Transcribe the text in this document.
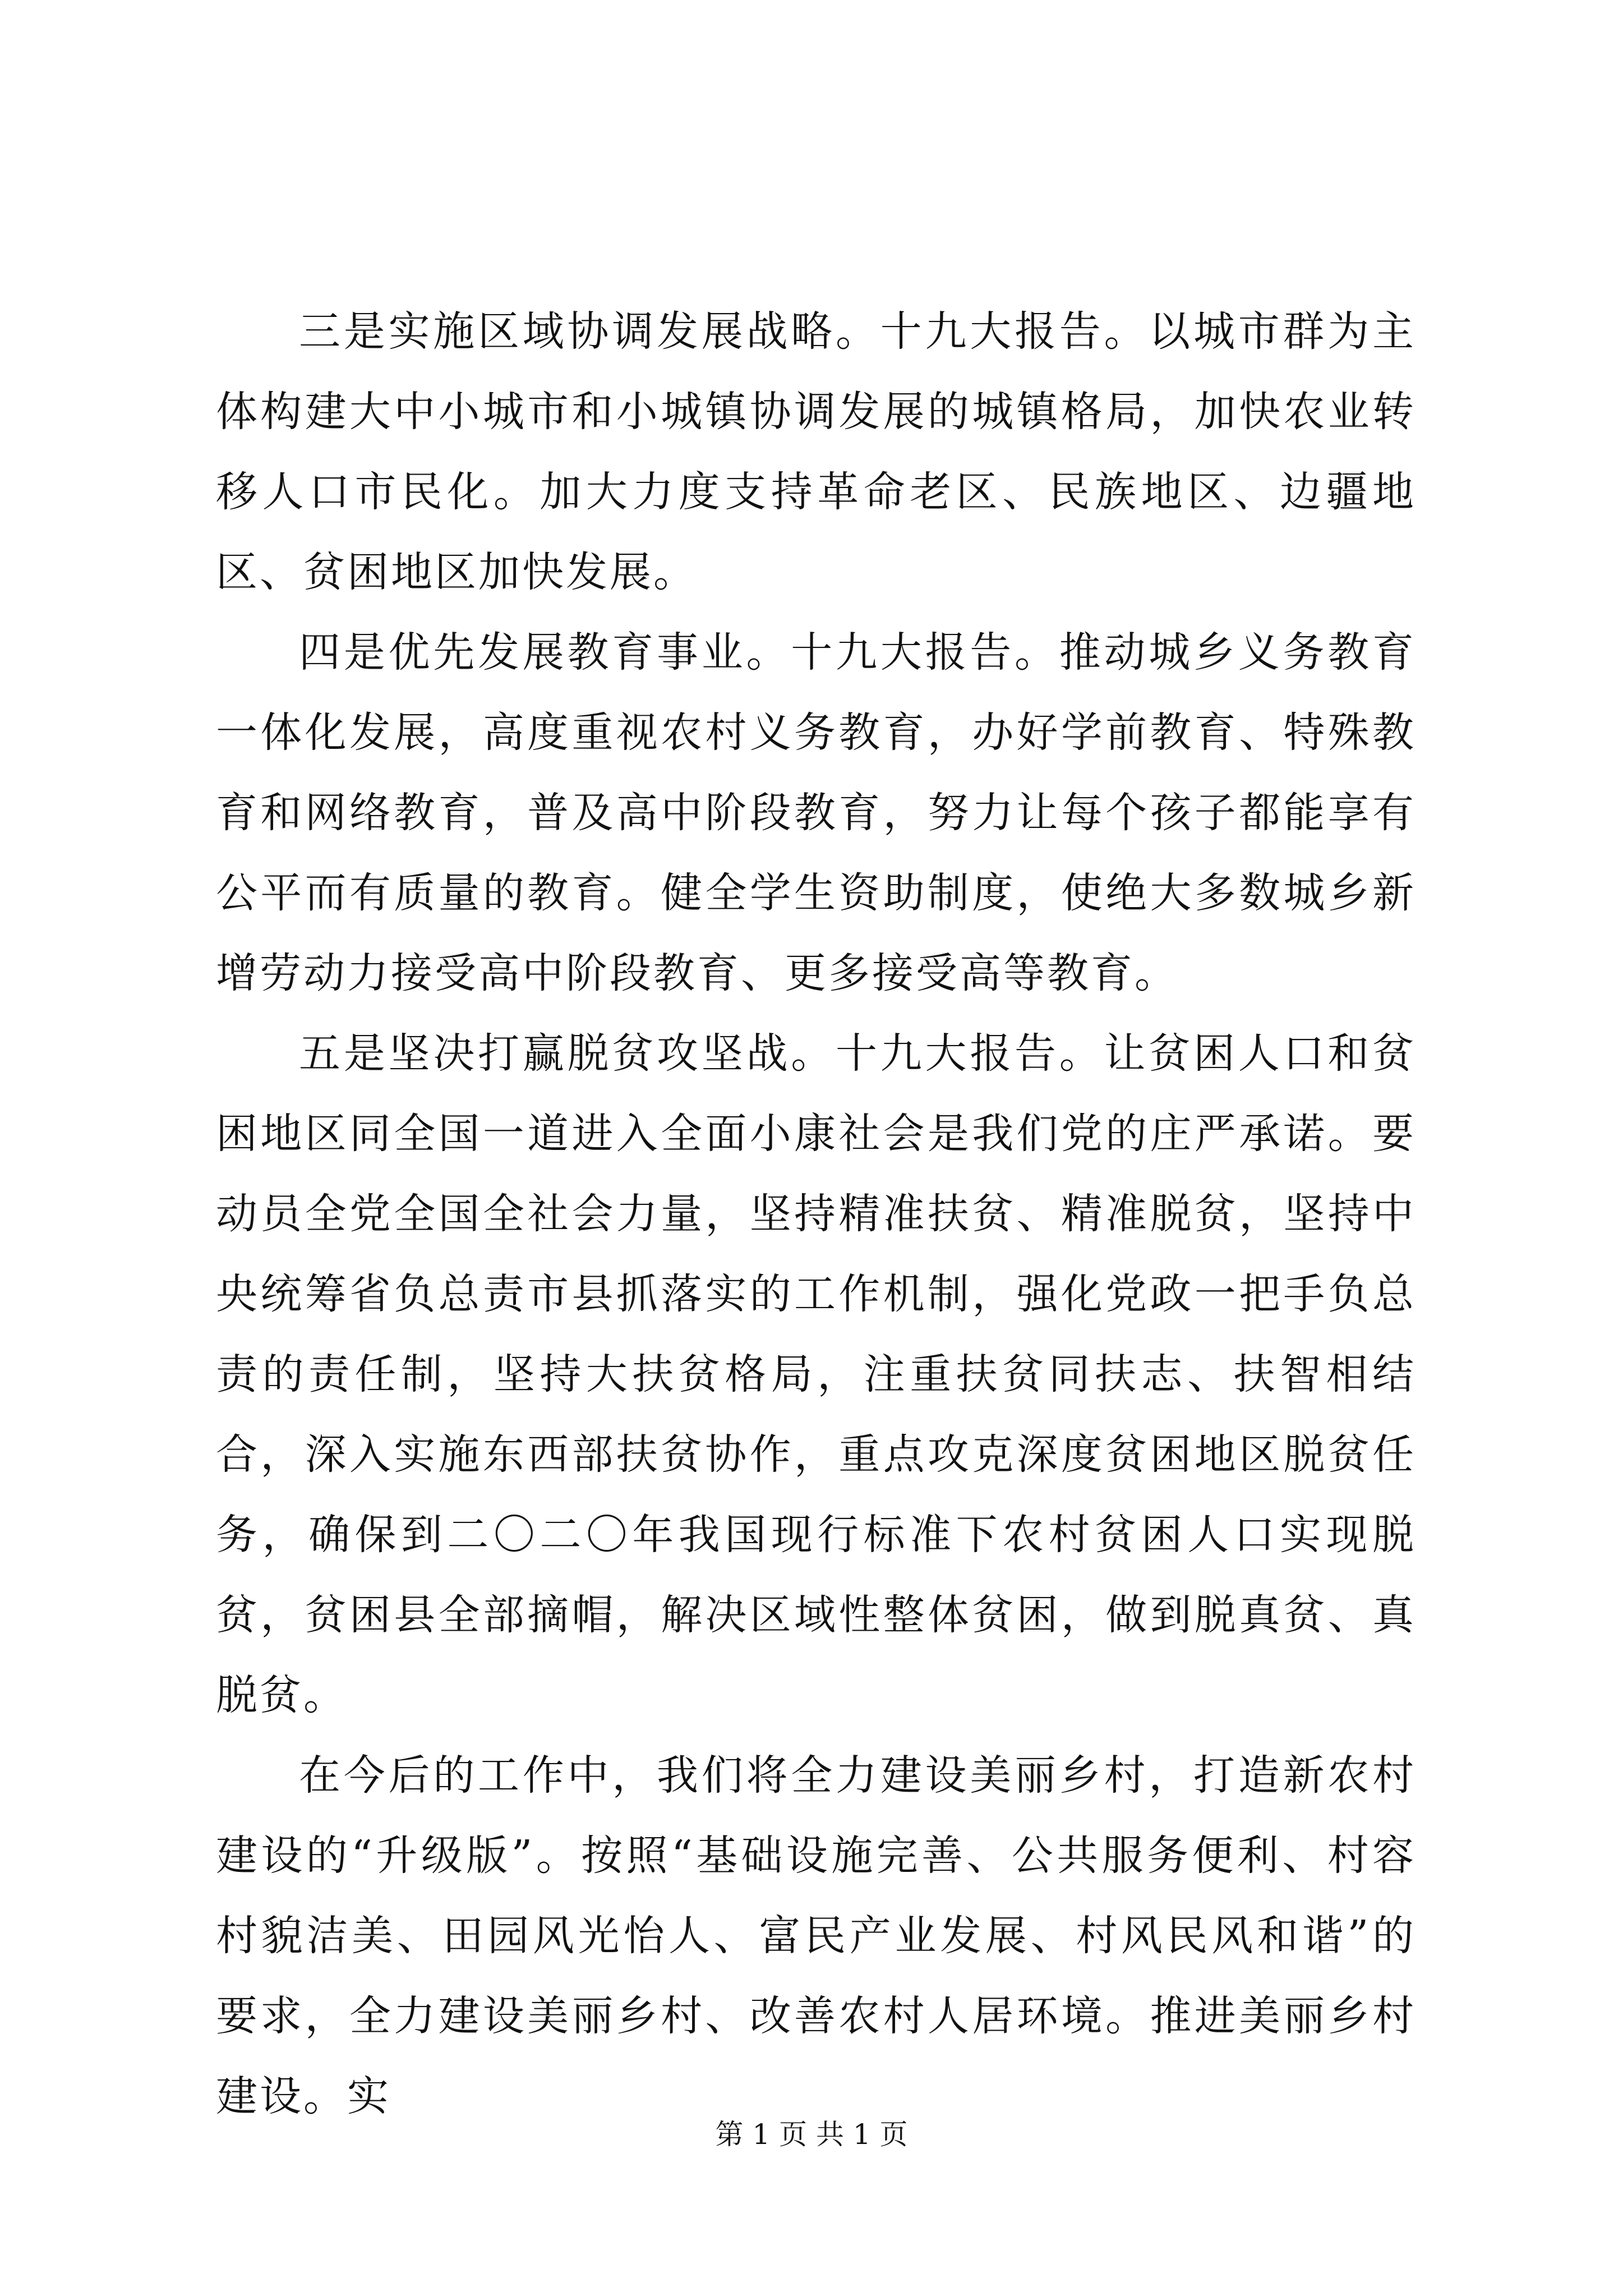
三是实施区域协调发展战略。十九大报告。以城市群为主体构建大中小城市和小城镇协调发展的城镇格局，加快农业转移人口市民化。加大力度支持革命老区、民族地区、边疆地区、贫困地区加快发展。

四是优先发展教育事业。十九大报告。推动城乡义务教育一体化发展，高度重视农村义务教育，办好学前教育、特殊教育和网络教育，普及高中阶段教育，努力让每个孩子都能享有公平而有质量的教育。健全学生资助制度，使绝大多数城乡新增劳动力接受高中阶段教育、更多接受高等教育。

五是坚决打赢脱贫攻坚战。十九大报告。让贫困人口和贫困地区同全国一道进入全面小康社会是我们党的庄严承诺。要动员全党全国全社会力量，坚持精准扶贫、精准脱贫，坚持中央统筹省负总责市县抓落实的工作机制，强化党政一把手负总责的责任制，坚持大扶贫格局，注重扶贫同扶志、扶智相结合，深入实施东西部扶贫协作，重点攻克深度贫困地区脱贫任务，确保到二〇二〇年我国现行标准下农村贫困人口实现脱贫，贫困县全部摘帽，解决区域性整体贫困，做到脱真贫、真脱贫。

在今后的工作中，我们将全力建设美丽乡村，打造新农村建设的“升级版”。按照“基础设施完善、公共服务便利、村容村貌洁美、田园风光怡人、富民产业发展、村风民风和谐”的要求，全力建设美丽乡村、改善农村人居环境。推进美丽乡村建设。实

第 1 页 共 1 页
